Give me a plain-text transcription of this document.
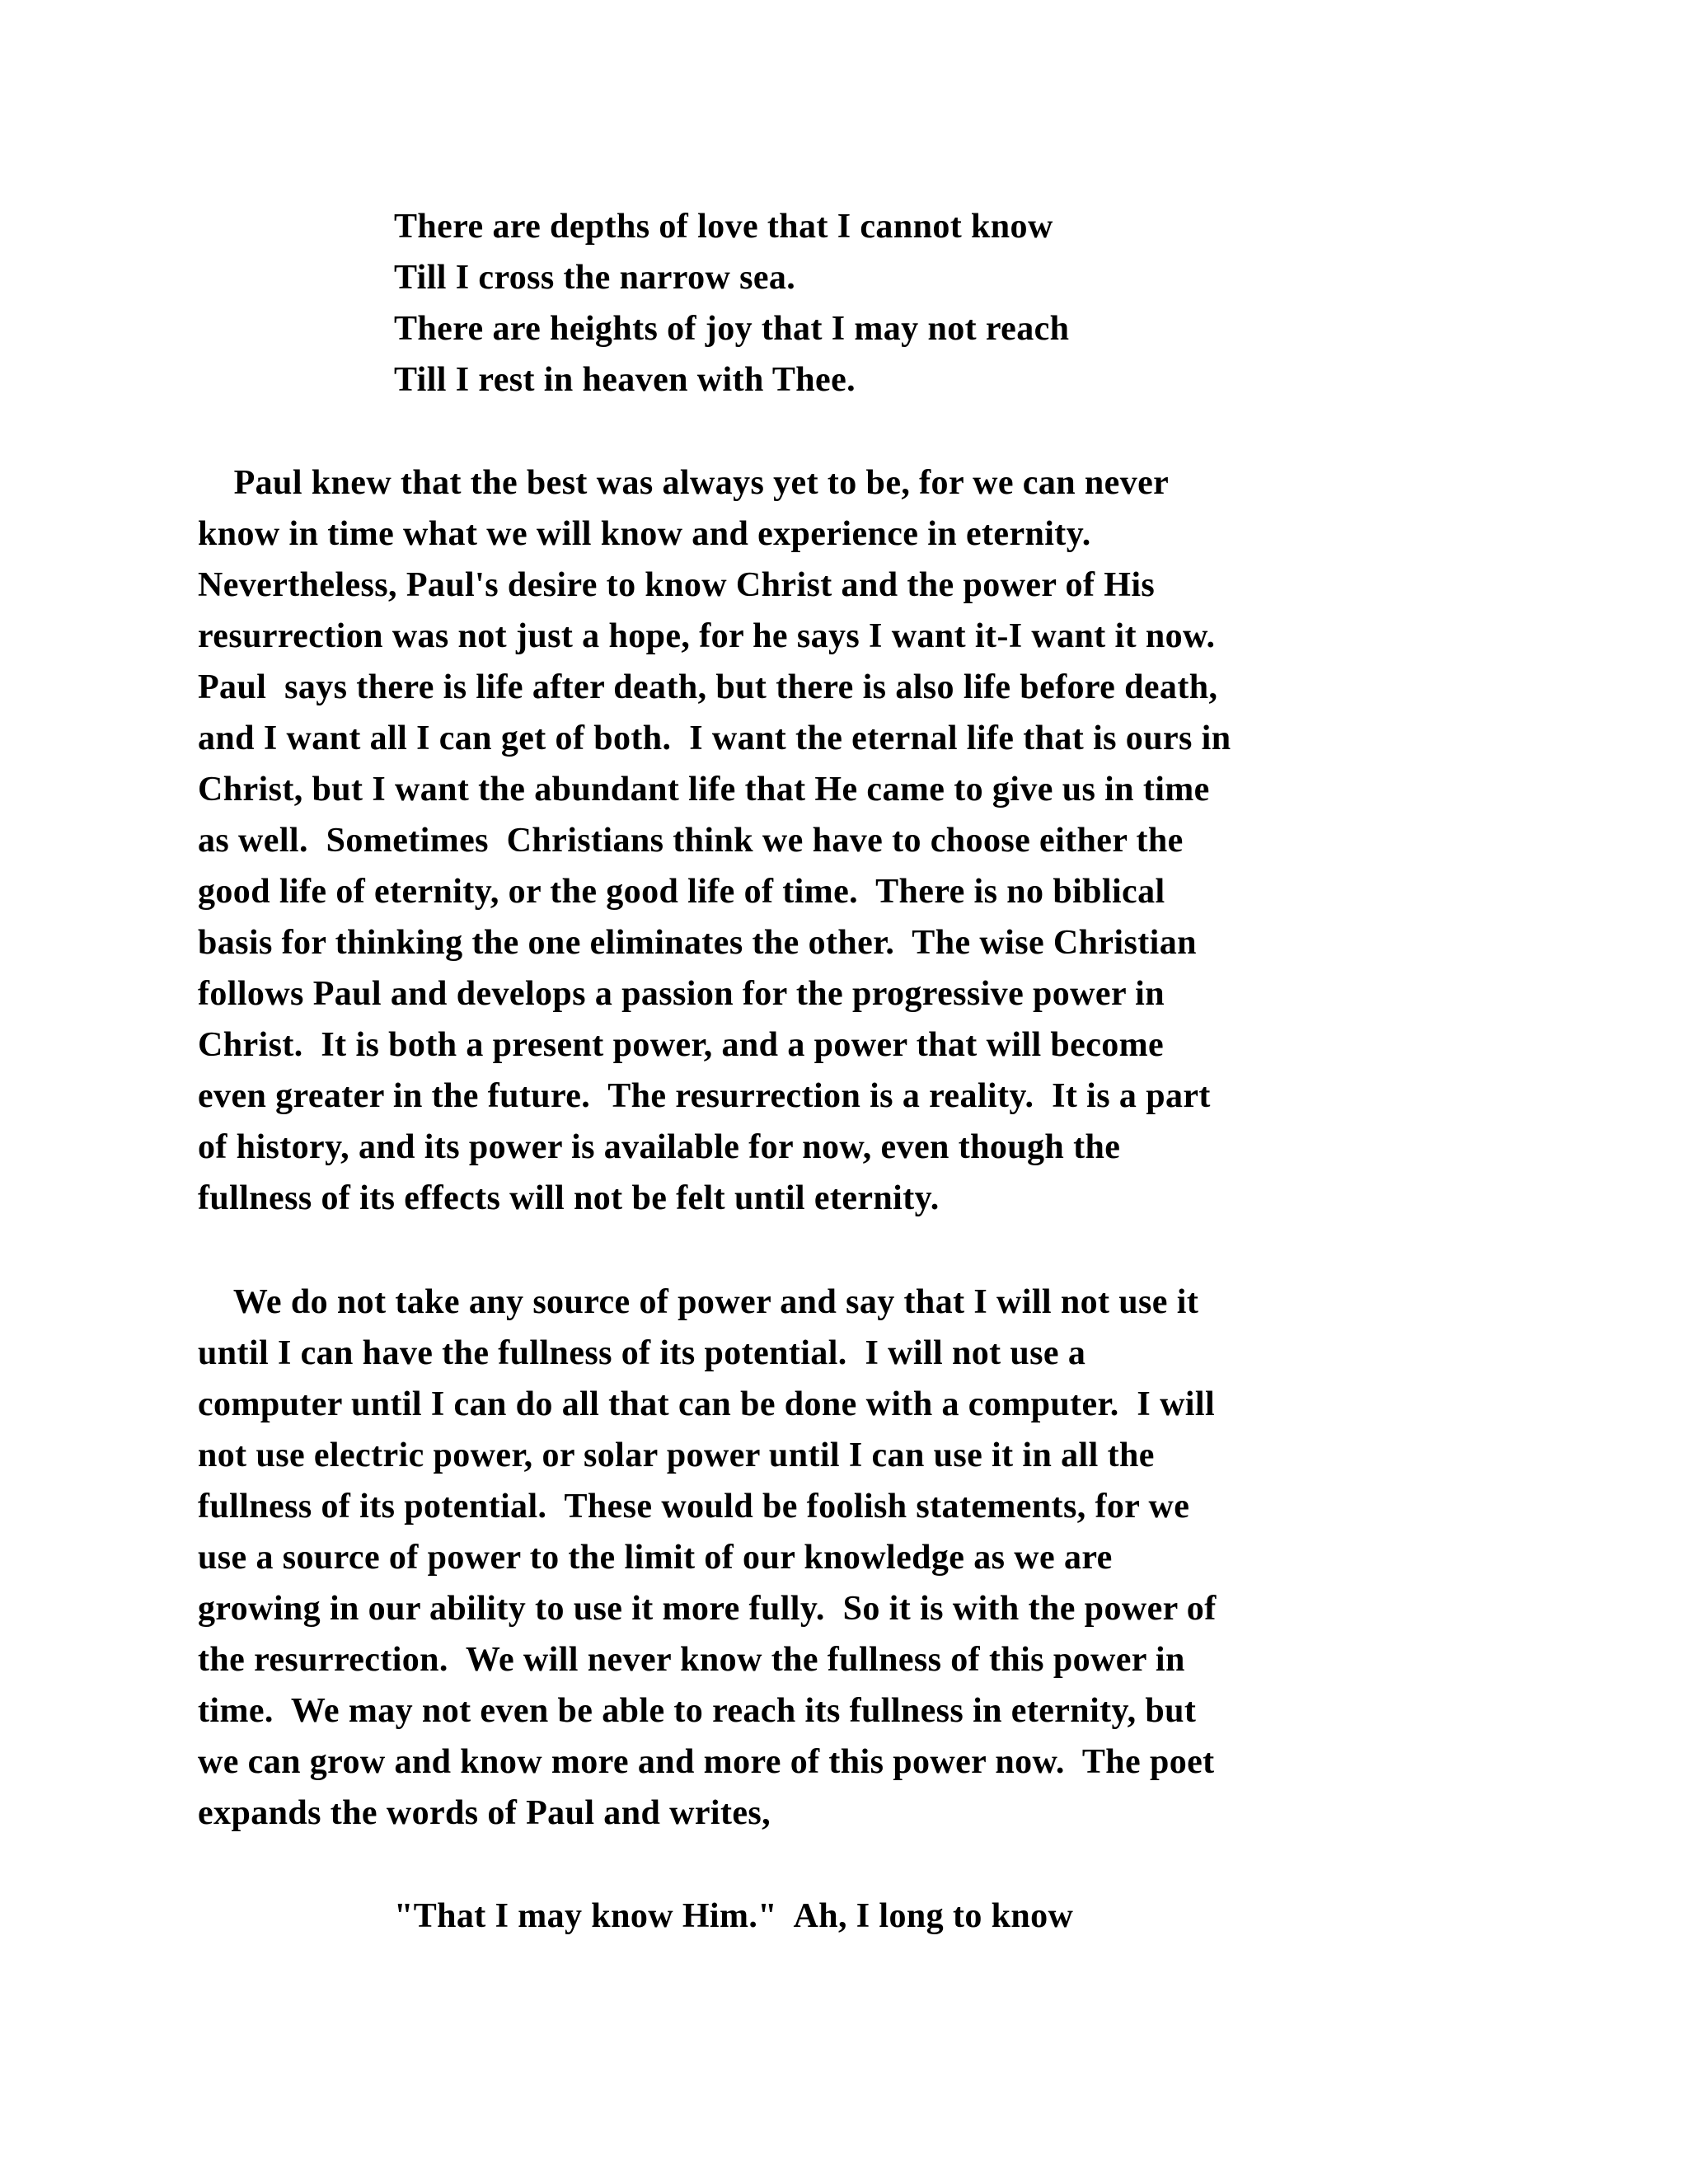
There are depths of love that I cannot know

Till I cross the narrow sea.

There are heights of joy that I may not reach

Till I rest in heaven with Thee.

Paul knew that the best was always yet to be, for we can never

know in time what we will know and experience in eternity.

Nevertheless, Paul's desire to know Christ and the power of His

resurrection was not just a hope, for he says I want it-I want it now.

Paul  says there is life after death, but there is also life before death,

and I want all I can get of both.  I want the eternal life that is ours in

Christ, but I want the abundant life that He came to give us in time

as well.  Sometimes  Christians think we have to choose either the

good life of eternity, or the good life of time.  There is no biblical

basis for thinking the one eliminates the other.  The wise Christian

follows Paul and develops a passion for the progressive power in

Christ.  It is both a present power, and a power that will become

even greater in the future.  The resurrection is a reality.  It is a part

of history, and its power is available for now, even though the

fullness of its effects will not be felt until eternity.

We do not take any source of power and say that I will not use it

until I can have the fullness of its potential.  I will not use a

computer until I can do all that can be done with a computer.  I will

not use electric power, or solar power until I can use it in all the

fullness of its potential.  These would be foolish statements, for we

use a source of power to the limit of our knowledge as we are

growing in our ability to use it more fully.  So it is with the power of

the resurrection.  We will never know the fullness of this power in

time.  We may not even be able to reach its fullness in eternity, but

we can grow and know more and more of this power now.  The poet

expands the words of Paul and writes,

"That I may know Him."  Ah, I long to know
